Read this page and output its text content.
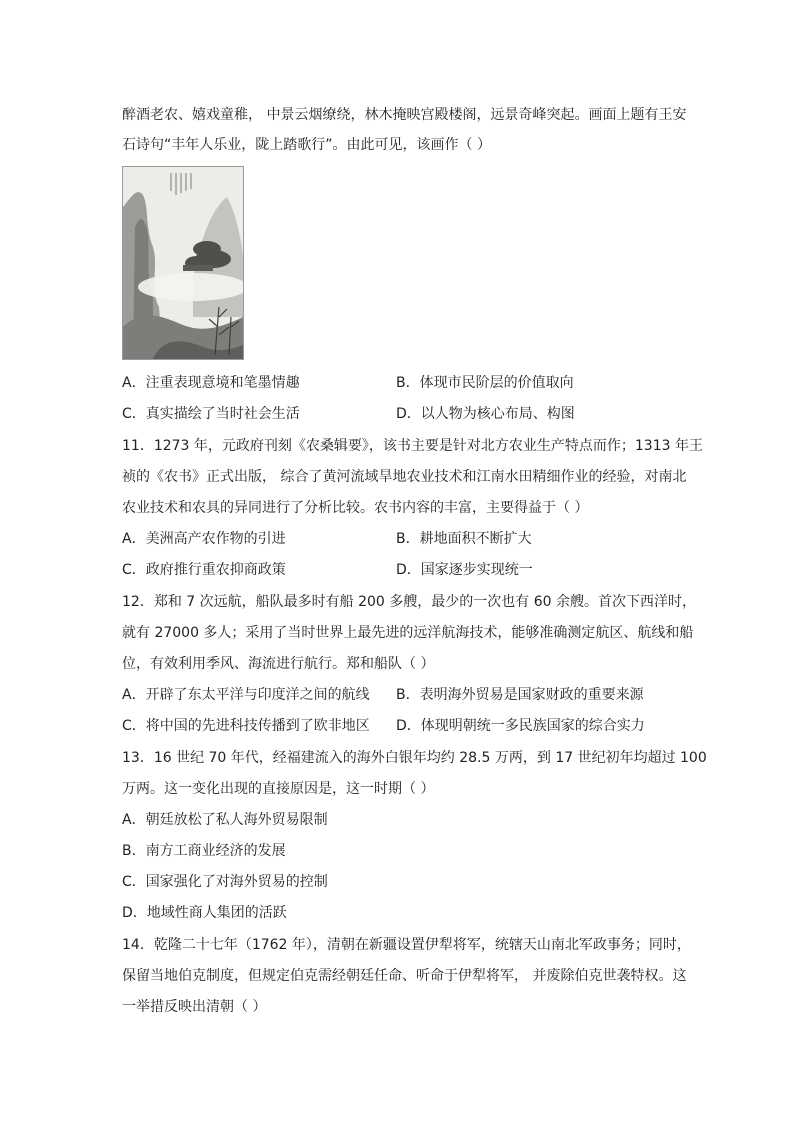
醉酒老农、嬉戏童稚， 中景云烟缭绕，林木掩映宫殿楼阁，远景奇峰突起。画面上题有王安
石诗句“丰年人乐业，陇上踏歌行”。由此可见，该画作（ ）
A．注重表现意境和笔墨情趣	B．体现市民阶层的价值取向
C．真实描绘了当时社会生活	D．以人物为核心布局、构图
11．1273 年，元政府刊刻《农桑辑要》，该书主要是针对北方农业生产特点而作；1313 年王
祯的《农书》正式出版， 综合了黄河流域旱地农业技术和江南水田精细作业的经验，对南北
农业技术和农具的异同进行了分析比较。农书内容的丰富，主要得益于（ ）
A．美洲高产农作物的引进	B．耕地面积不断扩大
C．政府推行重农抑商政策	D．国家逐步实现统一
12．郑和 7 次远航，船队最多时有船 200 多艘，最少的一次也有 60 余艘。首次下西洋时，
就有 27000 多人；采用了当时世界上最先进的远洋航海技术，能够准确测定航区、航线和船
位，有效利用季风、海流进行航行。郑和船队（ ）
A．开辟了东太平洋与印度洋之间的航线 B．表明海外贸易是国家财政的重要来源
C．将中国的先进科技传播到了欧非地区 D．体现明朝统一多民族国家的综合实力
13．16 世纪 70 年代，经福建流入的海外白银年均约 28.5 万两，到 17 世纪初年均超过 100
万两。这一变化出现的直接原因是，这一时期（ ）
A．朝廷放松了私人海外贸易限制
B．南方工商业经济的发展
C．国家强化了对海外贸易的控制
D．地域性商人集团的活跃
14．乾隆二十七年（1762 年），清朝在新疆设置伊犁将军，统辖天山南北军政事务；同时，
保留当地伯克制度，但规定伯克需经朝廷任命、听命于伊犁将军， 并废除伯克世袭特权。这
一举措反映出清朝（ ）
